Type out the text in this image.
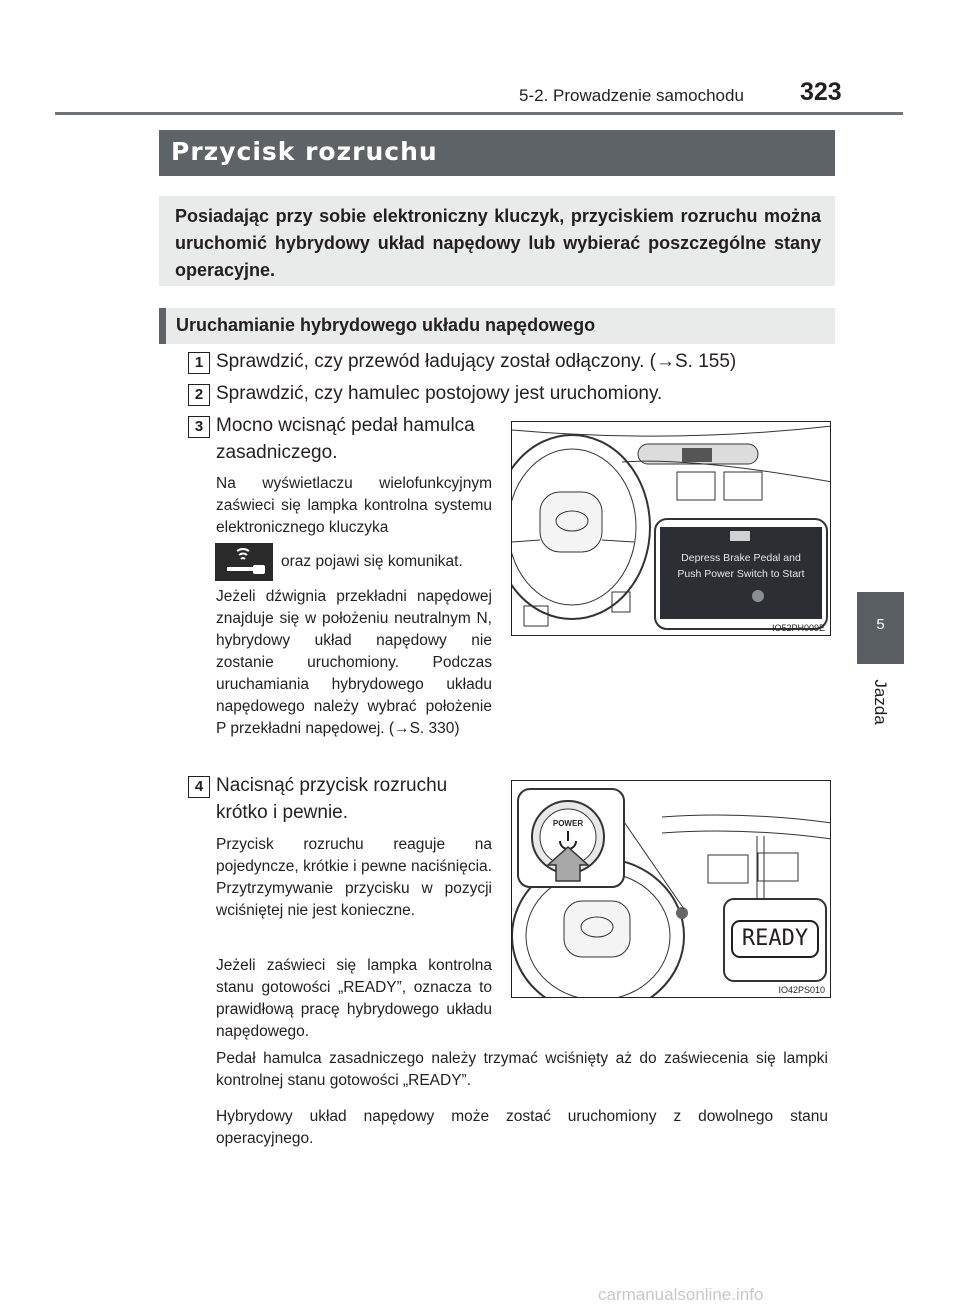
5-2. Prowadzenie samochodu 323
5
Jazda
Przycisk rozruchu
Posiadając przy sobie elektroniczny kluczyk, przyciskiem rozruchu można uruchomić hybrydowy układ napędowy lub wybierać poszczególne stany operacyjne.
Uruchamianie hybrydowego układu napędowego
1 Sprawdzić, czy przewód ładujący został odłączony. (→S. 155)
2 Sprawdzić, czy hamulec postojowy jest uruchomiony.
3 Mocno wcisnąć pedał hamulca
zasadniczego.
Na wyświetlaczu wielofunkcyjnym zaświeci się lampka kontrolna systemu elektronicznego kluczyka
oraz pojawi się komunikat.
Jeżeli dźwignia przekładni napędowej znajduje się w położeniu neutralnym N, hybrydowy układ napędowy nie zostanie uruchomiony. Podczas uruchamiania hybrydowego układu napędowego należy wybrać położenie P przekładni napędowej. (→S. 330)
Depress Brake Pedal and
Push Power Switch to Start
IO52PH009E
4 Nacisnąć przycisk rozruchu
krótko i pewnie.
Przycisk rozruchu reaguje na pojedyncze, krótkie i pewne naciśnięcia. Przytrzymywanie przycisku w pozycji wciśniętej nie jest konieczne.
Jeżeli zaświeci się lampka kontrolna stanu gotowości „READY”, oznacza to prawidłową pracę hybrydowego układu napędowego.
POWER
READY
IO42PS010
Pedał hamulca zasadniczego należy trzymać wciśnięty aż do zaświecenia się lampki kontrolnej stanu gotowości „READY”.
Hybrydowy układ napędowy może zostać uruchomiony z dowolnego stanu operacyjnego.
carmanualsonline.info
